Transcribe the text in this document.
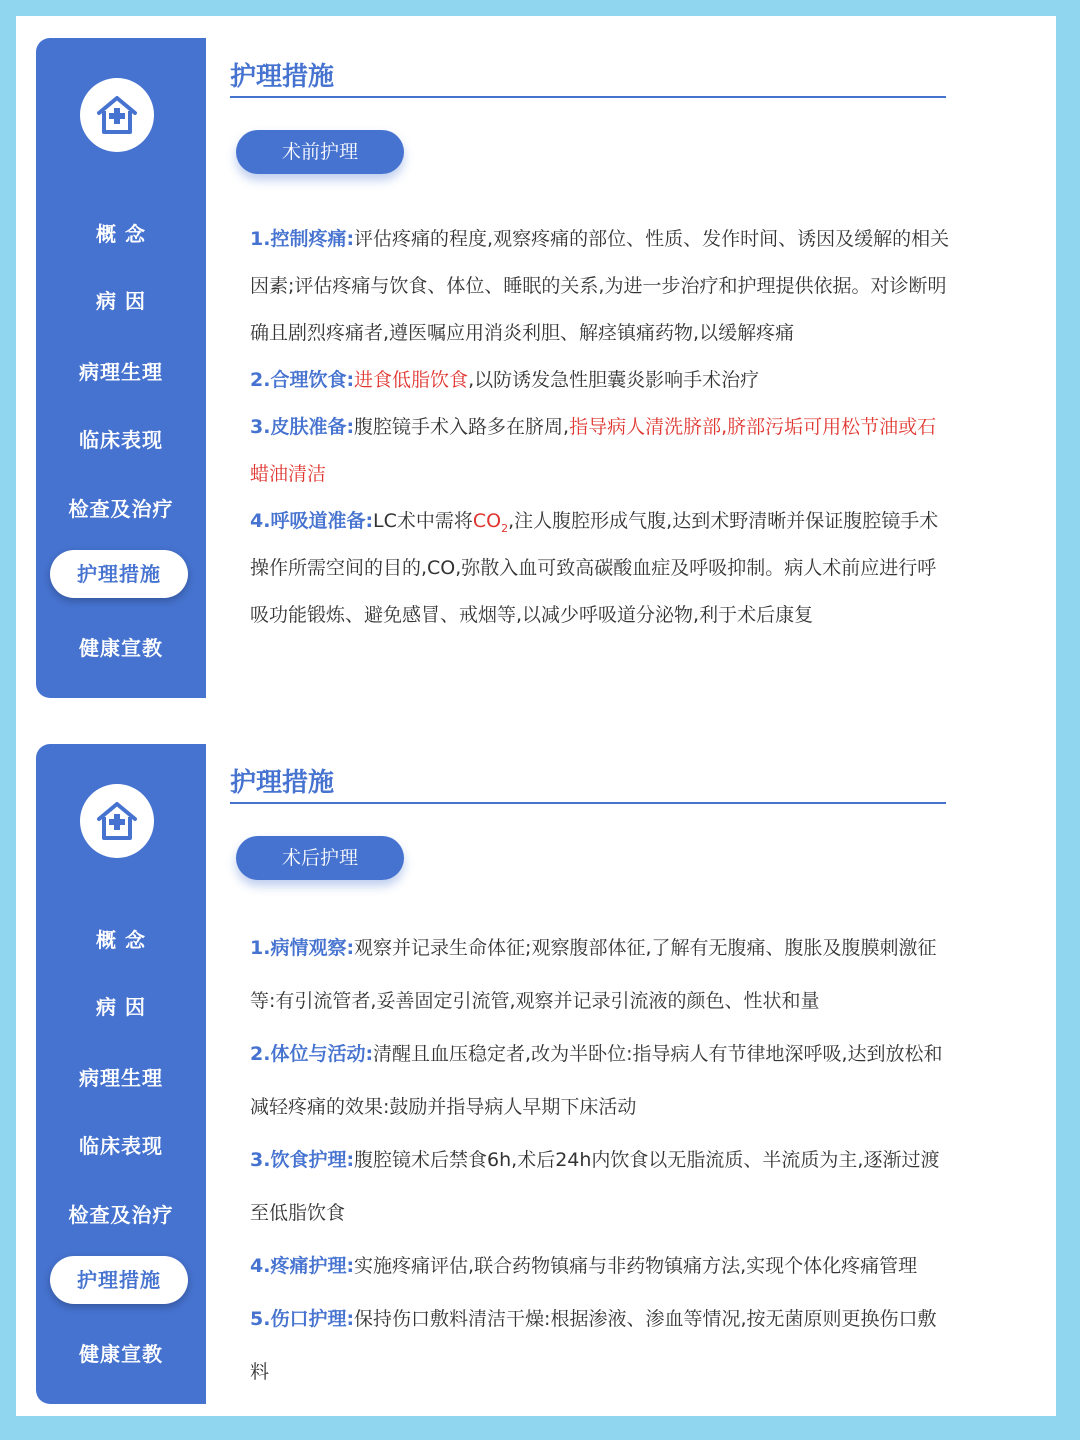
概 念
病 因
病理生理
临床表现
检查及治疗
护理措施
健康宣教
护理措施
术前护理
1.控制疼痛:评估疼痛的程度,观察疼痛的部位、性质、发作时间、诱因及缓解的相关因素;评估疼痛与饮食、体位、睡眠的关系,为进一步治疗和护理提供依据。对诊断明确且剧烈疼痛者,遵医嘱应用消炎利胆、解痉镇痛药物,以缓解疼痛
2.合理饮食:进食低脂饮食,以防诱发急性胆囊炎影响手术治疗
3.皮肤准备:腹腔镜手术入路多在脐周,指导病人清洗脐部,脐部污垢可用松节油或石蜡油清洁
4.呼吸道准备:LC术中需将$CO_2$,注人腹腔形成气腹,达到术野清晰并保证腹腔镜手术操作所需空间的目的,CO,弥散入血可致高碳酸血症及呼吸抑制。病人术前应进行呼吸功能锻炼、避免感冒、戒烟等,以减少呼吸道分泌物,利于术后康复
概 念
病 因
病理生理
临床表现
检查及治疗
护理措施
健康宣教
护理措施
术后护理
1.病情观察:观察并记录生命体征;观察腹部体征,了解有无腹痛、腹胀及腹膜刺激征等:有引流管者,妥善固定引流管,观察并记录引流液的颜色、性状和量
2.体位与活动:清醒且血压稳定者,改为半卧位:指导病人有节律地深呼吸,达到放松和减轻疼痛的效果:鼓励并指导病人早期下床活动
3.饮食护理:腹腔镜术后禁食6h,术后24h内饮食以无脂流质、半流质为主,逐渐过渡至低脂饮食
4.疼痛护理:实施疼痛评估,联合药物镇痛与非药物镇痛方法,实现个体化疼痛管理
5.伤口护理:保持伤口敷料清洁干燥:根据渗液、渗血等情况,按无菌原则更换伤口敷料
